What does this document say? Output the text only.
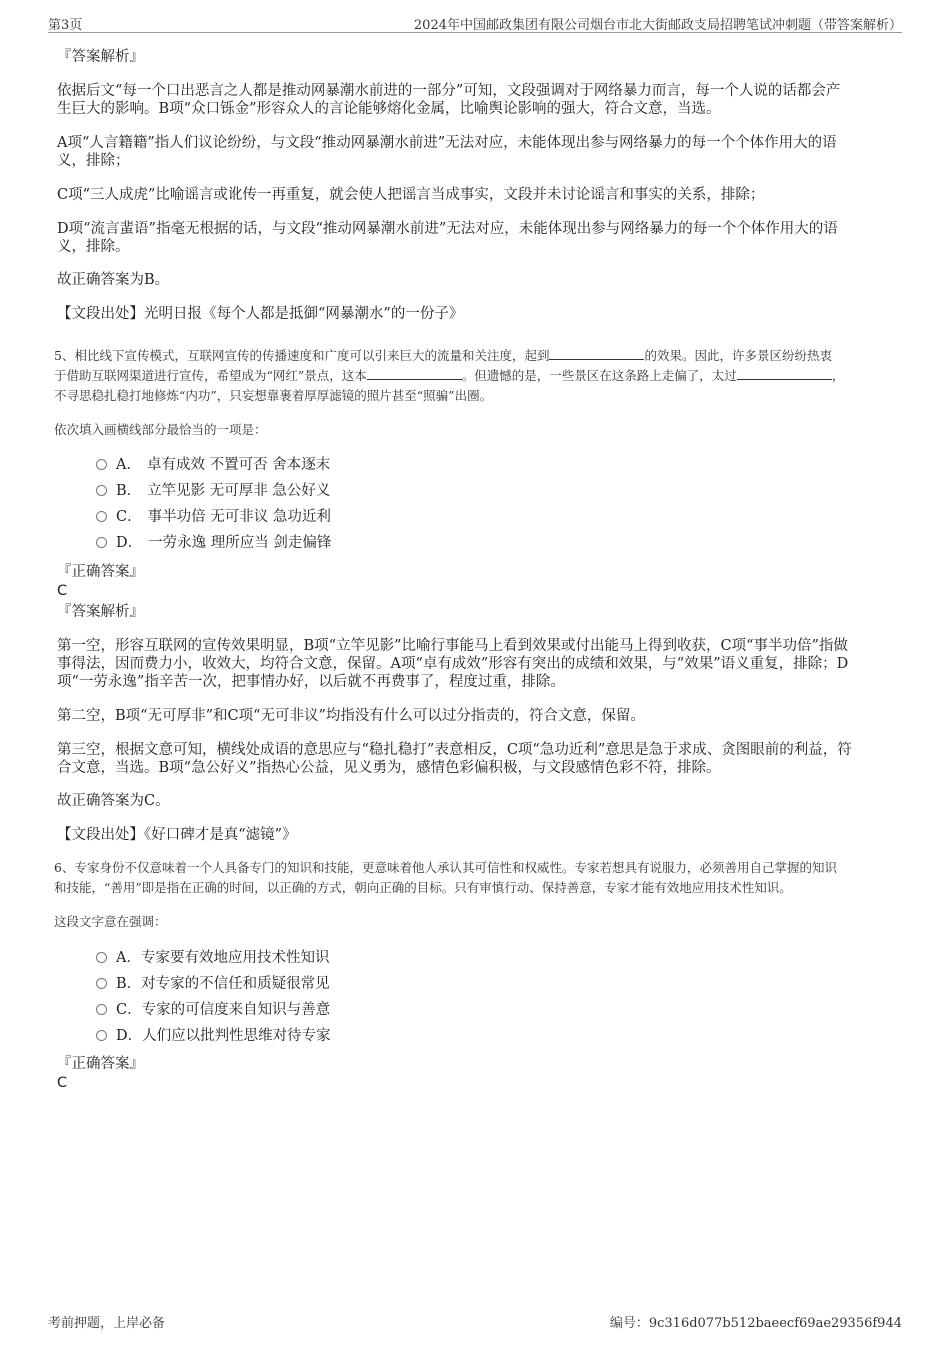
第3页	2024年中国邮政集团有限公司烟台市北大街邮政支局招聘笔试冲刺题（带答案解析）
『答案解析』
依据后文“每一个口出恶言之人都是推动网暴潮水前进的一部分”可知，文段强调对于网络暴力而言，每一个人说的话都会产
生巨大的影响。B项“众口铄金”形容众人的言论能够熔化金属，比喻舆论影响的强大，符合文意，当选。
A项“人言籍籍”指人们议论纷纷，与文段“推动网暴潮水前进”无法对应，未能体现出参与网络暴力的每一个个体作用大的语
义，排除；
C项“三人成虎”比喻谣言或讹传一再重复，就会使人把谣言当成事实，文段并未讨论谣言和事实的关系，排除；
D项“流言蜚语”指毫无根据的话，与文段“推动网暴潮水前进”无法对应，未能体现出参与网络暴力的每一个个体作用大的语
义，排除。
故正确答案为B。
【文段出处】光明日报《每个人都是抵御“网暴潮水”的一份子》
5、相比线下宣传模式，互联网宣传的传播速度和广度可以引来巨大的流量和关注度，起到	的效果。因此，许多景区纷纷热衷
于借助互联网渠道进行宣传，希望成为“网红”景点，这本	。但遗憾的是，一些景区在这条路上走偏了，太过	，
不寻思稳扎稳打地修炼“内功”，只妄想靠裹着厚厚滤镜的照片甚至“照骗”出圈。
依次填入画横线部分最恰当的一项是：
A． 卓有成效 不置可否 舍本逐末
B． 立竿见影 无可厚非 急公好义
C． 事半功倍 无可非议 急功近利
D． 一劳永逸 理所应当 剑走偏锋
『正确答案』
C
『答案解析』
第一空，形容互联网的宣传效果明显，B项“立竿见影”比喻行事能马上看到效果或付出能马上得到收获，C项“事半功倍”指做
事得法，因而费力小，收效大，均符合文意，保留。A项“卓有成效”形容有突出的成绩和效果，与“效果”语义重复，排除；D
项“一劳永逸”指辛苦一次，把事情办好，以后就不再费事了，程度过重，排除。
第二空，B项“无可厚非”和C项“无可非议”均指没有什么可以过分指责的，符合文意，保留。
第三空，根据文意可知，横线处成语的意思应与“稳扎稳打”表意相反，C项“急功近利”意思是急于求成、贪图眼前的利益，符
合文意，当选。B项“急公好义”指热心公益，见义勇为，感情色彩偏积极，与文段感情色彩不符，排除。
故正确答案为C。
【文段出处】《好口碑才是真“滤镜”》
6、专家身份不仅意味着一个人具备专门的知识和技能，更意味着他人承认其可信性和权威性。专家若想具有说服力，必须善用自己掌握的知识
和技能，“善用”即是指在正确的时间，以正确的方式，朝向正确的目标。只有审慎行动、保持善意，专家才能有效地应用技术性知识。
这段文字意在强调：
A．专家要有效地应用技术性知识
B．对专家的不信任和质疑很常见
C．专家的可信度来自知识与善意
D．人们应以批判性思维对待专家
『正确答案』
C
考前押题，上岸必备	编号：9c316d077b512baeecf69ae29356f944
